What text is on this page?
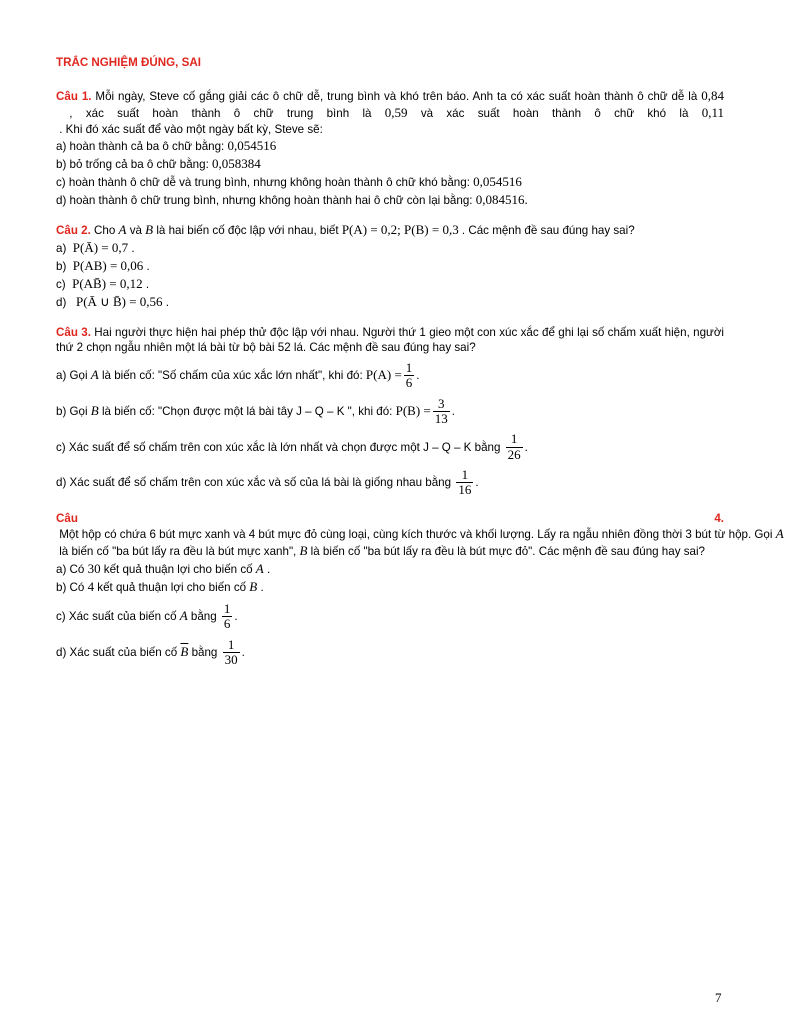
TRẮC NGHIỆM ĐÚNG, SAI

Câu 1. Mỗi ngày, Steve cố gắng giải các ô chữ dễ, trung bình và khó trên báo. Anh ta có xác suất hoàn thành ô chữ dễ là 0,84 , xác suất hoàn thành ô chữ trung bình là 0,59 và xác suất hoàn thành ô chữ khó là 0,11 . Khi đó xác suất để vào một ngày bất kỳ, Steve sẽ:

a) hoàn thành cả ba ô chữ bằng: 0,054516
b) bỏ trống cả ba ô chữ bằng: 0,058384
c) hoàn thành ô chữ dễ và trung bình, nhưng không hoàn thành ô chữ khó bằng: 0,054516
d) hoàn thành ô chữ trung bình, nhưng không hoàn thành hai ô chữ còn lại bằng: 0,084516.

Câu 2. Cho A và B là hai biến cố độc lập với nhau, biết P(A) = 0,2; P(B) = 0,3 . Các mệnh đề sau đúng hay sai?

a)  P(Ā) = 0,7 .
b)  P(AB) = 0,06 .
c)  P(AB̄) = 0,12 .
d)   P(Ā ∪ B̄) = 0,56 .

Câu 3. Hai người thực hiện hai phép thử độc lập với nhau. Người thứ 1 gieo một con xúc xắc để ghi lại số chấm xuất hiện, người thứ 2 chọn ngẫu nhiên một lá bài từ bộ bài 52 lá. Các mệnh đề sau đúng hay sai?

a) Gọi A là biến cố: "Số chấm của xúc xắc lớn nhất", khi đó: $P(A) = \frac{1}{6}$ .
b) Gọi B là biến cố: "Chọn được một lá bài tây J – Q – K ", khi đó: $P(B) = \frac{3}{13}$ .
c) Xác suất để số chấm trên con xúc xắc là lớn nhất và chọn được một J – Q – K bằng $\frac{1}{26}$ .
d) Xác suất để số chấm trên con xúc xắc và số của lá bài là giống nhau bằng $\frac{1}{16}$ .

Câu 4. Một hộp có chứa 6 bút mực xanh và 4 bút mực đỏ cùng loại, cùng kích thước và khối lượng. Lấy ra ngẫu nhiên đồng thời 3 bút từ hộp. Gọi A là biến cố "ba bút lấy ra đều là bút mực xanh", B là biến cố "ba bút lấy ra đều là bút mực đỏ". Các mệnh đề sau đúng hay sai?

a) Có 30 kết quả thuận lợi cho biến cố A .
b) Có 4 kết quả thuận lợi cho biến cố B .
c) Xác suất của biến cố A bằng $\frac{1}{6}$ .
d) Xác suất của biến cố $\overline{B}$ bằng $\frac{1}{30}$ .
7
